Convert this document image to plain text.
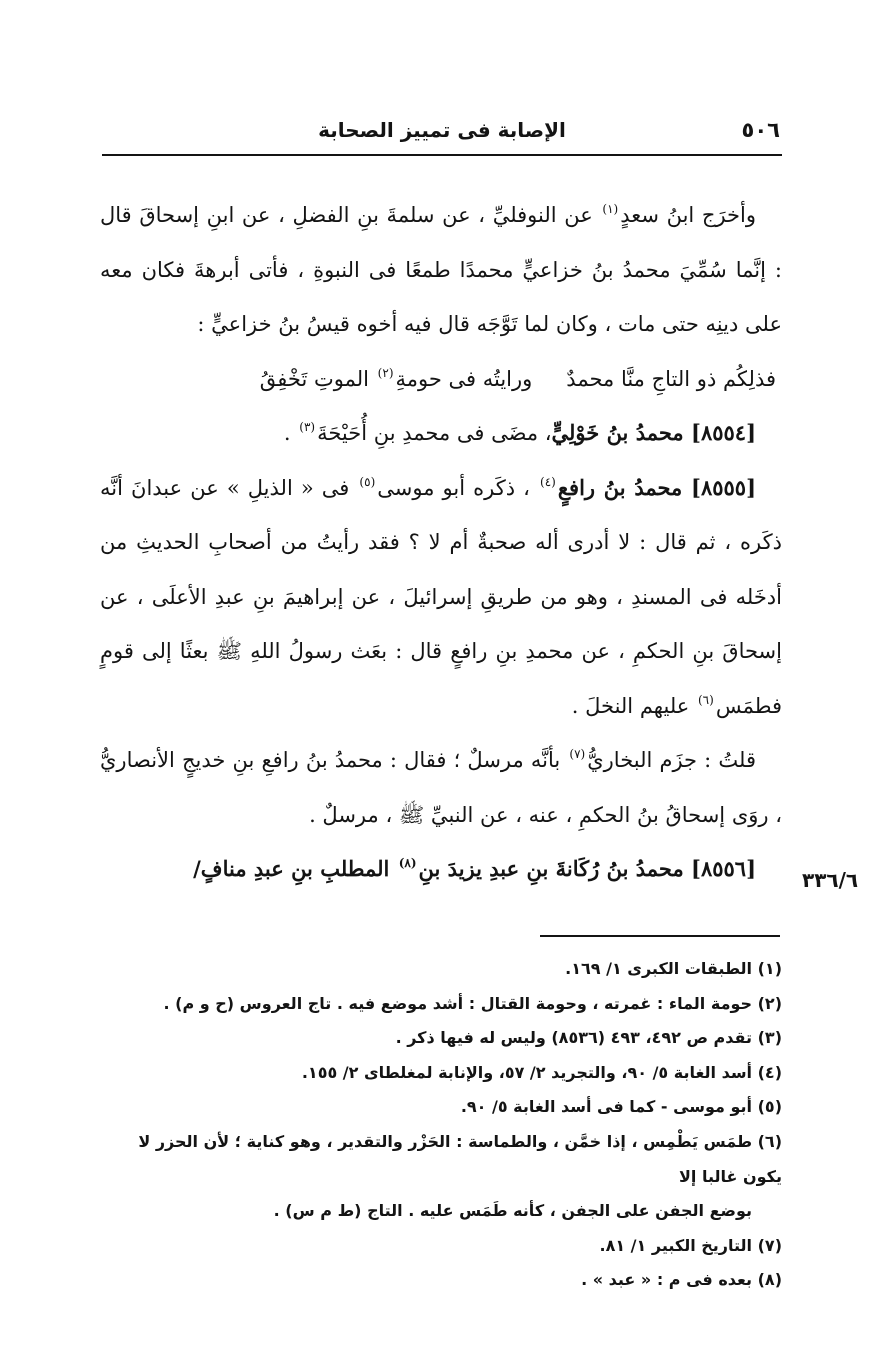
٥٠٦
الإصابة فى تمييز الصحابة

وأخرَج ابنُ سعدٍ$^{(١)}$ عن النوفليِّ ، عن سلمةَ بنِ الفضلِ ، عن ابنِ إسحاقَ قال : إنَّما سُمِّيَ محمدُ بنُ خزاعيٍّ محمدًا طمعًا فى النبوةِ ، فأتى أبرهةَ فكان معه على دينِه حتى مات ، وكان لما تَوَّجَه قال فيه أخوه قيسُ بنُ خزاعيٍّ :

فذلِكُم ذو التاجِ منَّا محمدٌورايتُه فى حومةِ$^{(٢)}$ الموتِ تَخْفِقُ

[٨٥٥٤] محمدُ بنُ خَوْلِيٍّ، مضَى فى محمدِ بنِ أُحَيْحَةَ$^{(٣)}$ .

[٨٥٥٥] محمدُ بنُ رافعٍ$^{(٤)}$ ، ذكَره أبو موسى$^{(٥)}$ فى « الذيلِ » عن عبدانَ أنَّه ذكَره ، ثم قال : لا أدرى أله صحبةٌ أم لا ؟ فقد رأيتُ من أصحابِ الحديثِ من أدخَله فى المسندِ ، وهو من طريقِ إسرائيلَ ، عن إبراهيمَ بنِ عبدِ الأعلَى ، عن إسحاقَ بنِ الحكمِ ، عن محمدِ بنِ رافعٍ قال : بعَث رسولُ اللهِ ﷺ بعثًا إلى قومٍ فطمَس$^{(٦)}$ عليهم النخلَ .

قلتُ : جزَم البخاريُّ$^{(٧)}$ بأنَّه مرسلٌ ؛ فقال : محمدُ بنُ رافعِ بنِ خديجٍ الأنصاريُّ ، روَى إسحاقُ بنُ الحكمِ ، عنه ، عن النبيِّ ﷺ ، مرسلٌ .

[٨٥٥٦] محمدُ بنُ رُكَانةَ بنِ عبدِ يزيدَ بنِ$^{(٨)}$ المطلبِ بنِ عبدِ منافٍ/	٣٣٦/٦

(١) الطبقات الكبرى ١/ ١٦٩.

(٢) حومة الماء : غمرته ، وحومة القتال : أشد موضع فيه . تاج العروس (ح و م) .

(٣) تقدم ص ٤٩٢، ٤٩٣ (٨٥٣٦) وليس له فيها ذكر .

(٤) أسد الغابة ٥/ ٩٠، والتجريد ٢/ ٥٧، والإنابة لمغلطاى ٢/ ١٥٥.

(٥) أبو موسى - كما فى أسد الغابة ٥/ ٩٠.

(٦) طمَس يَطْمِس ، إذا خمَّن ، والطماسة : الحَزْر والتقدير ، وهو كناية ؛ لأن الحزر لا يكون غالبا إلا

بوضع الجفن على الجفن ، كأنه طَمَس عليه . التاج (ط م س) .

(٧) التاريخ الكبير ١/ ٨١.

(٨) بعده فى م : « عبد » .
